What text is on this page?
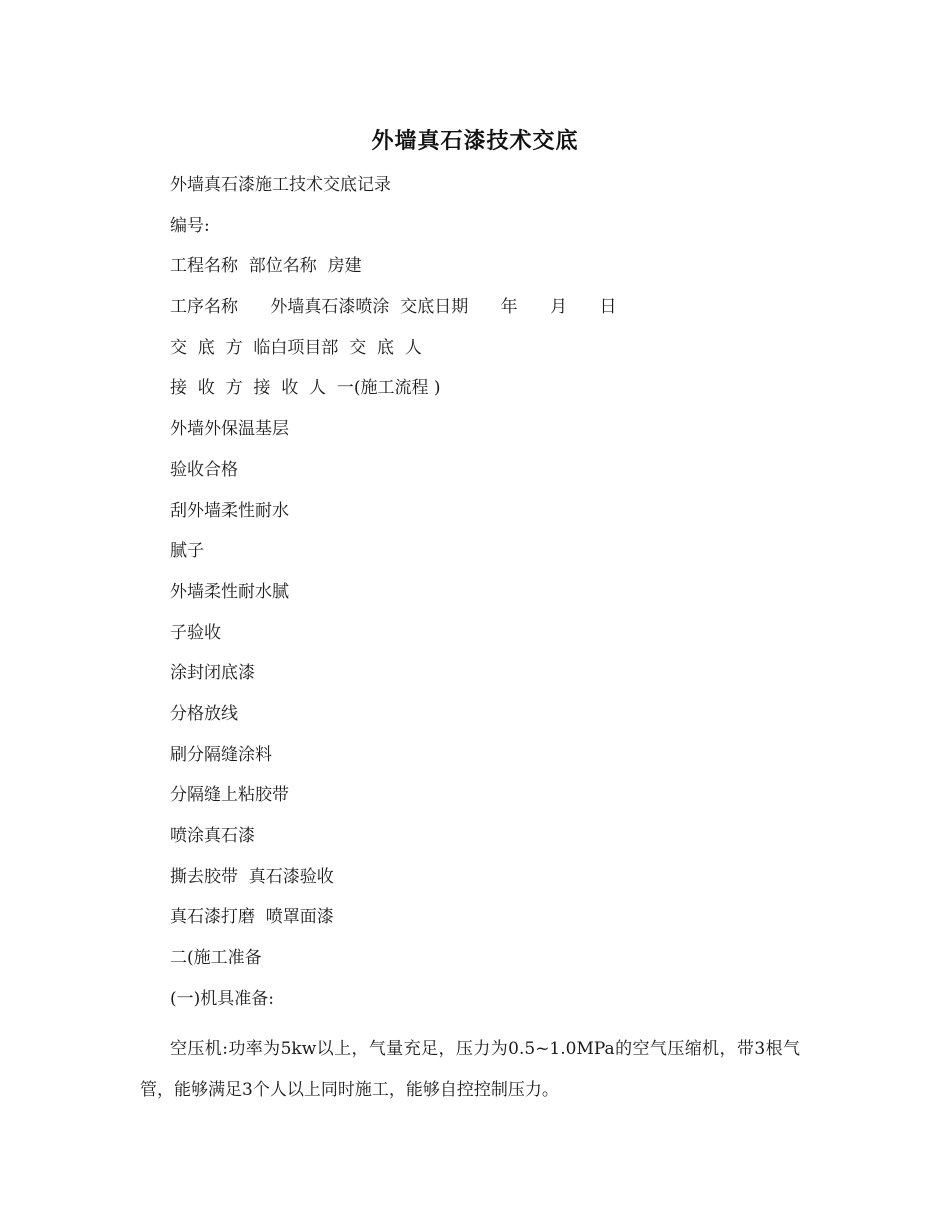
外墙真石漆技术交底
外墙真石漆施工技术交底记录
编号:
工程名称  部位名称  房建
工序名称      外墙真石漆喷涂  交底日期      年      月      日
交  底  方  临白项目部  交  底  人
接  收  方  接  收  人  一(施工流程 )
外墙外保温基层
验收合格
刮外墙柔性耐水
腻子
外墙柔性耐水腻
子验收
涂封闭底漆
分格放线
刷分隔缝涂料
分隔缝上粘胶带
喷涂真石漆
撕去胶带  真石漆验收
真石漆打磨  喷罩面漆
二(施工准备
(一)机具准备:
空压机:功率为5kw以上，气量充足，压力为0.5~1.0MPa的空气压缩机，带3根气管，能够满足3个人以上同时施工，能够自控控制压力。
